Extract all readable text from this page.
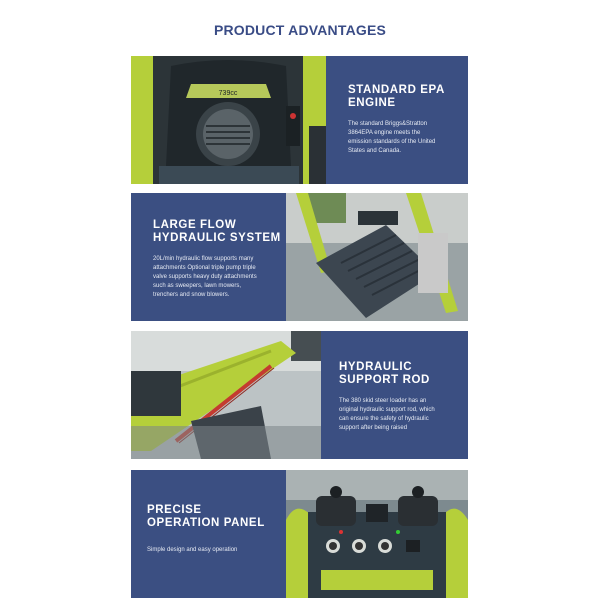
PRODUCT ADVANTAGES
739cc	STANDARD EPA
ENGINE
The standard Briggs&Stratton
3864EPA engine meets the
emission standards of the United
States and Canada.
LARGE FLOW
HYDRAULIC SYSTEM
20L/min hydraulic flow supports many
attachments Optional triple pump triple
valve supports heavy duty attachments
such as sweepers, lawn mowers,
trenchers and snow blowers.
HYDRAULIC
SUPPORT ROD
The 380 skid steer loader has an
original hydraulic support rod, which
can ensure the safety of hydraulic
support after being raised
PRECISE
OPERATION PANEL
Simple design and easy operation
